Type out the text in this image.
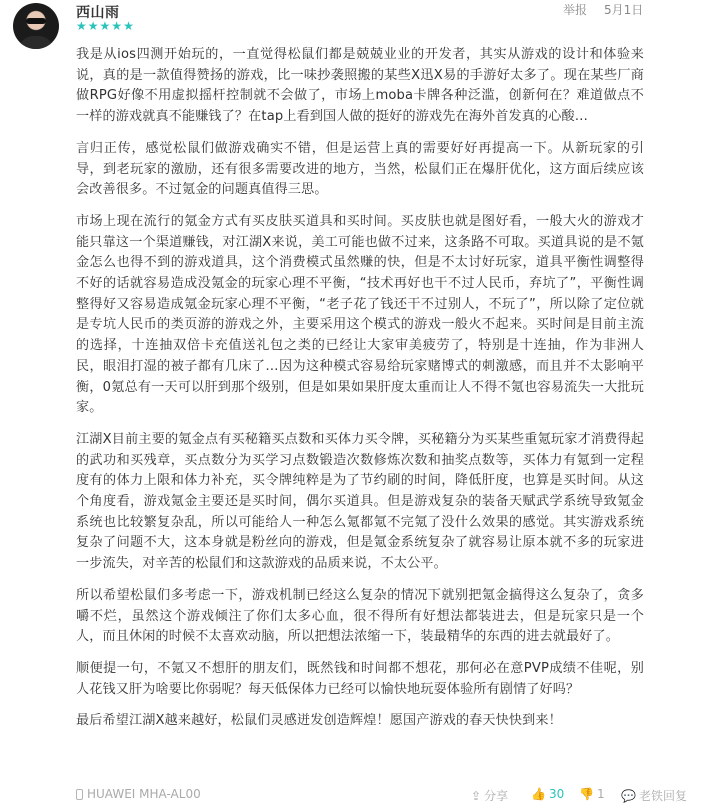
西山雨
★ ★ ★ ★ ★
举报 5月1日

我是从ios四测开始玩的，一直觉得松鼠们都是兢兢业业的开发者，其实从游戏的设计和体验来说，真的是一款值得赞扬的游戏，比一味抄袭照搬的某些X迅X易的手游好太多了。现在某些厂商做RPG好像不用虚拟摇杆控制就不会做了，市场上moba卡牌各种泛滥，创新何在？难道做点不一样的游戏就真不能赚钱了？在tap上看到国人做的挺好的游戏先在海外首发真的心酸…

言归正传，感觉松鼠们做游戏确实不错，但是运营上真的需要好好再提高一下。从新玩家的引导，到老玩家的激励，还有很多需要改进的地方，当然，松鼠们正在爆肝优化，这方面后续应该会改善很多。不过氪金的问题真值得三思。

市场上现在流行的氪金方式有买皮肤买道具和买时间。买皮肤也就是图好看，一般大火的游戏才能只靠这一个渠道赚钱，对江湖X来说，美工可能也做不过来，这条路不可取。买道具说的是不氪金怎么也得不到的游戏道具，这个消费模式虽然赚的快，但是不太讨好玩家，道具平衡性调整得不好的话就容易造成没氪金的玩家心理不平衡，“技术再好也干不过人民币，弃坑了”，平衡性调整得好又容易造成氪金玩家心理不平衡，“老子花了钱还干不过别人，不玩了”，所以除了定位就是专坑人民币的类页游的游戏之外，主要采用这个模式的游戏一般火不起来。买时间是目前主流的选择，十连抽双倍卡充值送礼包之类的已经让大家审美疲劳了，特别是十连抽，作为非洲人民，眼泪打湿的被子都有几床了…因为这种模式容易给玩家赌博式的刺激感，而且并不太影响平衡，0氪总有一天可以肝到那个级别，但是如果如果肝度太重而让人不得不氪也容易流失一大批玩家。

江湖X目前主要的氪金点有买秘籍买点数和买体力买令牌，买秘籍分为买某些重氪玩家才消费得起的武功和买残章，买点数分为买学习点数锻造次数修炼次数和抽奖点数等，买体力有氪到一定程度有的体力上限和体力补充，买令牌纯粹是为了节约刷的时间，降低肝度，也算是买时间。从这个角度看，游戏氪金主要还是买时间，偶尔买道具。但是游戏复杂的装备天赋武学系统导致氪金系统也比较繁复杂乱，所以可能给人一种怎么氪都氪不完氪了没什么效果的感觉。其实游戏系统复杂了问题不大，这本身就是粉丝向的游戏，但是氪金系统复杂了就容易让原本就不多的玩家进一步流失，对辛苦的松鼠们和这款游戏的品质来说，不太公平。

所以希望松鼠们多考虑一下，游戏机制已经这么复杂的情况下就别把氪金搞得这么复杂了，贪多嚼不烂，虽然这个游戏倾注了你们太多心血，很不得所有好想法都装进去，但是玩家只是一个人，而且休闲的时候不太喜欢动脑，所以把想法浓缩一下，装最精华的东西的进去就最好了。

顺便提一句，不氪又不想肝的朋友们，既然钱和时间都不想花，那何必在意PVP成绩不佳呢，别人花钱又肝为啥要比你弱呢？每天低保体力已经可以愉快地玩耍体验所有剧情了好吗？

最后希望江湖X越来越好，松鼠们灵感迸发创造辉煌！愿国产游戏的春天快快到来！

HUAWEI MHA-AL00	⇪ 分享 👍 30 👎 1 💬 老铁回复
